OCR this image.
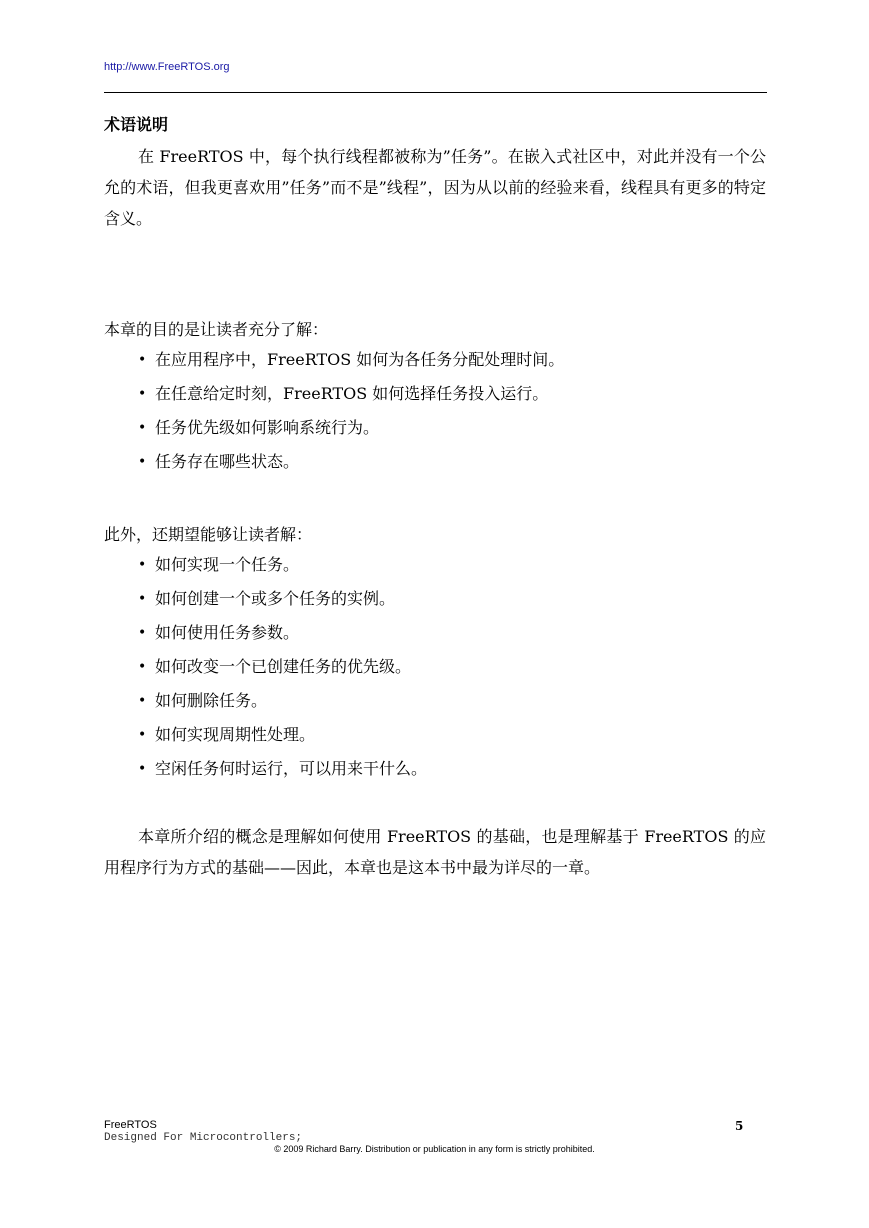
http://www.FreeRTOS.org
术语说明

在 FreeRTOS 中，每个执行线程都被称为”任务”。在嵌入式社区中，对此并没有一个公允的术语，但我更喜欢用”任务”而不是”线程”，因为从以前的经验来看，线程具有更多的特定含义。

本章的目的是让读者充分了解：
• 在应用程序中，FreeRTOS 如何为各任务分配处理时间。
• 在任意给定时刻，FreeRTOS 如何选择任务投入运行。
• 任务优先级如何影响系统行为。
• 任务存在哪些状态。
此外，还期望能够让读者解：
• 如何实现一个任务。
• 如何创建一个或多个任务的实例。
• 如何使用任务参数。
• 如何改变一个已创建任务的优先级。
• 如何删除任务。
• 如何实现周期性处理。
• 空闲任务何时运行，可以用来干什么。

本章所介绍的概念是理解如何使用 FreeRTOS 的基础，也是理解基于 FreeRTOS 的应用程序行为方式的基础——因此，本章也是这本书中最为详尽的一章。

FreeRTOS
Designed For Microcontrollers;
5
© 2009 Richard Barry. Distribution or publication in any form is strictly prohibited.
